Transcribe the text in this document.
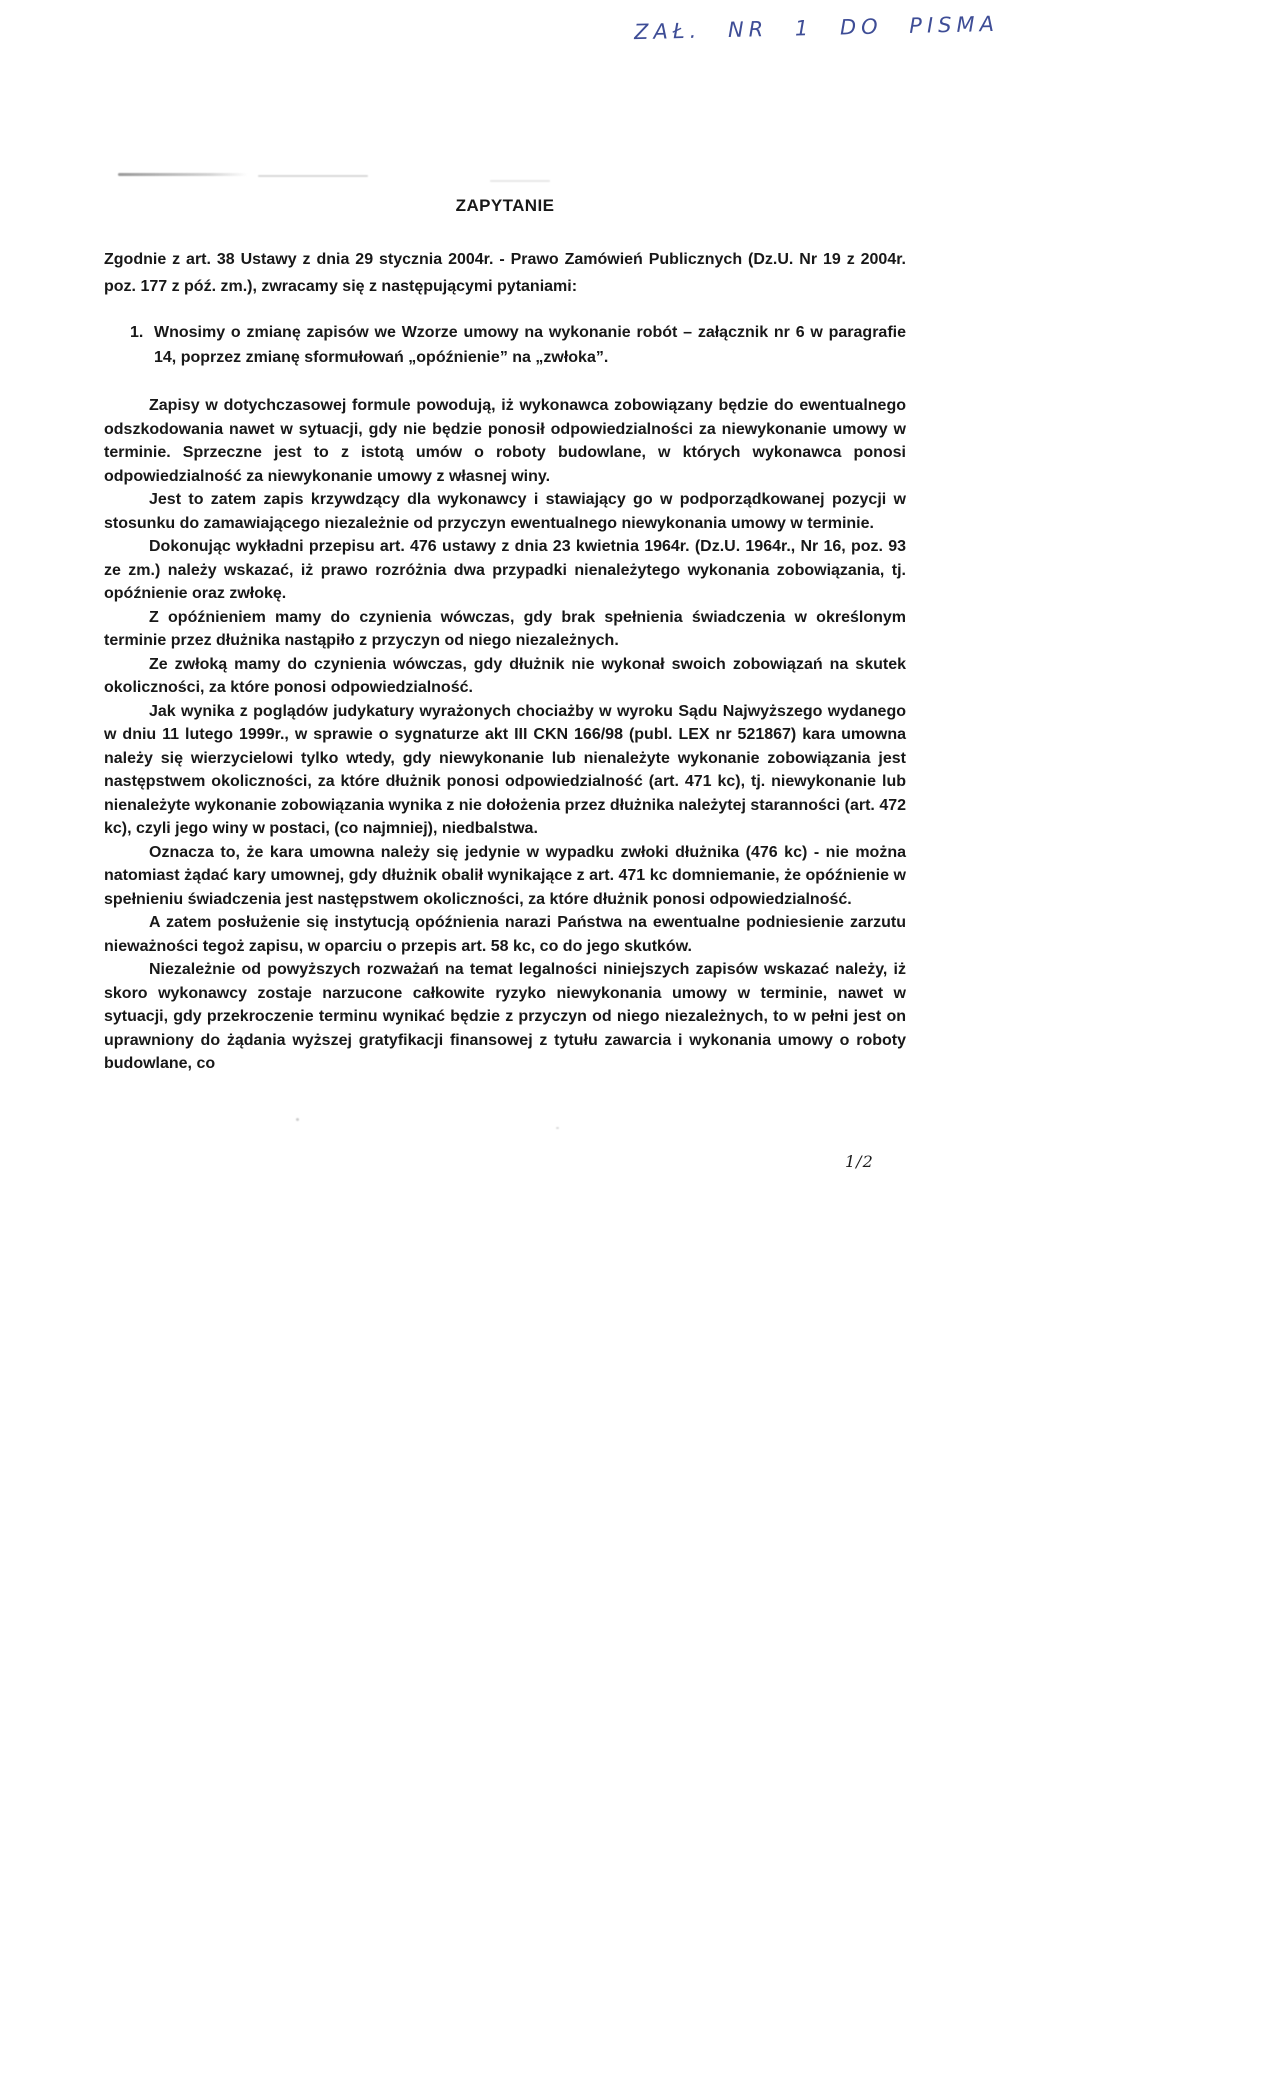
ZAŁ. NR 1 DO PISMA
ZAPYTANIE

Zgodnie z art. 38 Ustawy z dnia 29 stycznia 2004r. - Prawo Zamówień Publicznych (Dz.U. Nr 19 z 2004r. poz. 177 z póź. zm.), zwracamy się z następującymi pytaniami:

1. Wnosimy o zmianę zapisów we Wzorze umowy na wykonanie robót – załącznik nr 6 w paragrafie 14, poprzez zmianę sformułowań „opóźnienie” na „zwłoka”.

Zapisy w dotychczasowej formule powodują, iż wykonawca zobowiązany będzie do ewentualnego odszkodowania nawet w sytuacji, gdy nie będzie ponosił odpowiedzialności za niewykonanie umowy w terminie. Sprzeczne jest to z istotą umów o roboty budowlane, w których wykonawca ponosi odpowiedzialność za niewykonanie umowy z własnej winy.

Jest to zatem zapis krzywdzący dla wykonawcy i stawiający go w podporządkowanej pozycji w stosunku do zamawiającego niezależnie od przyczyn ewentualnego niewykonania umowy w terminie.

Dokonując wykładni przepisu art. 476 ustawy z dnia 23 kwietnia 1964r. (Dz.U. 1964r., Nr 16, poz. 93 ze zm.) należy wskazać, iż prawo rozróżnia dwa przypadki nienależytego wykonania zobowiązania, tj. opóźnienie oraz zwłokę.

Z opóźnieniem mamy do czynienia wówczas, gdy brak spełnienia świadczenia w określonym terminie przez dłużnika nastąpiło z przyczyn od niego niezależnych.

Ze zwłoką mamy do czynienia wówczas, gdy dłużnik nie wykonał swoich zobowiązań na skutek okoliczności, za które ponosi odpowiedzialność.

Jak wynika z poglądów judykatury wyrażonych chociażby w wyroku Sądu Najwyższego wydanego w dniu 11 lutego 1999r., w sprawie o sygnaturze akt III CKN 166/98 (publ. LEX nr 521867) kara umowna należy się wierzycielowi tylko wtedy, gdy niewykonanie lub nienależyte wykonanie zobowiązania jest następstwem okoliczności, za które dłużnik ponosi odpowiedzialność (art. 471 kc), tj. niewykonanie lub nienależyte wykonanie zobowiązania wynika z nie dołożenia przez dłużnika należytej staranności (art. 472 kc), czyli jego winy w postaci, (co najmniej), niedbalstwa.

Oznacza to, że kara umowna należy się jedynie w wypadku zwłoki dłużnika (476 kc) - nie można natomiast żądać kary umownej, gdy dłużnik obalił wynikające z art. 471 kc domniemanie, że opóźnienie w spełnieniu świadczenia jest następstwem okoliczności, za które dłużnik ponosi odpowiedzialność.

A zatem posłużenie się instytucją opóźnienia narazi Państwa na ewentualne podniesienie zarzutu nieważności tegoż zapisu, w oparciu o przepis art. 58 kc, co do jego skutków.

Niezależnie od powyższych rozważań na temat legalności niniejszych zapisów wskazać należy, iż skoro wykonawcy zostaje narzucone całkowite ryzyko niewykonania umowy w terminie, nawet w sytuacji, gdy przekroczenie terminu wynikać będzie z przyczyn od niego niezależnych, to w pełni jest on uprawniony do żądania wyższej gratyfikacji finansowej z tytułu zawarcia i wykonania umowy o roboty budowlane, co

1/2
